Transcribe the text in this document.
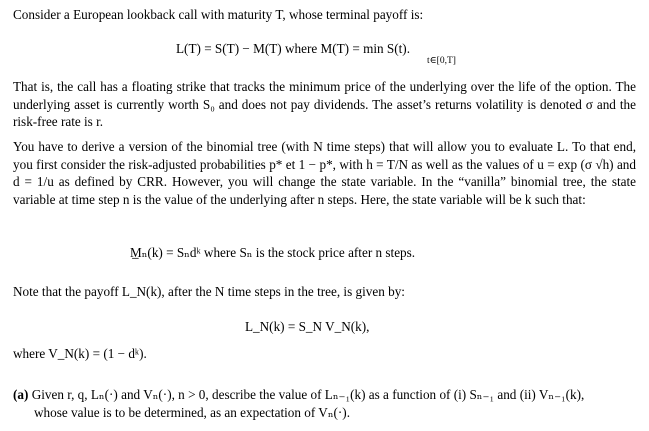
Consider a European lookback call with maturity T, whose terminal payoff is:

L(T) = S(T) − M(T) where M(T) = min S(t).

t∈[0,T]

That is, the call has a floating strike that tracks the minimum price of the underlying over the life of the option. The underlying asset is currently worth S₀ and does not pay dividends. The asset’s returns volatility is denoted σ and the risk-free rate is r.

You have to derive a version of the binomial tree (with N time steps) that will allow you to evaluate L. To that end, you first consider the risk-adjusted probabilities p* et 1 − p*, with h = T/N as well as the values of u = exp (σ √h) and d = 1/u as defined by CRR. However, you will change the state variable. In the “vanilla” binomial tree, the state variable at time step n is the value of the underlying after n steps. Here, the state variable will be k such that:

M̲ₙ(k) = Sₙdᵏ where Sₙ is the stock price after n steps.

Note that the payoff L_N(k), after the N time steps in the tree, is given by:

L_N(k) = S_N V_N(k),

where V_N(k) = (1 − dᵏ).

(a) Given r, q, Lₙ(·) and Vₙ(·), n > 0, describe the value of Lₙ₋₁(k) as a function of (i) Sₙ₋₁ and (ii) Vₙ₋₁(k),
whose value is to be determined, as an expectation of Vₙ(·).
